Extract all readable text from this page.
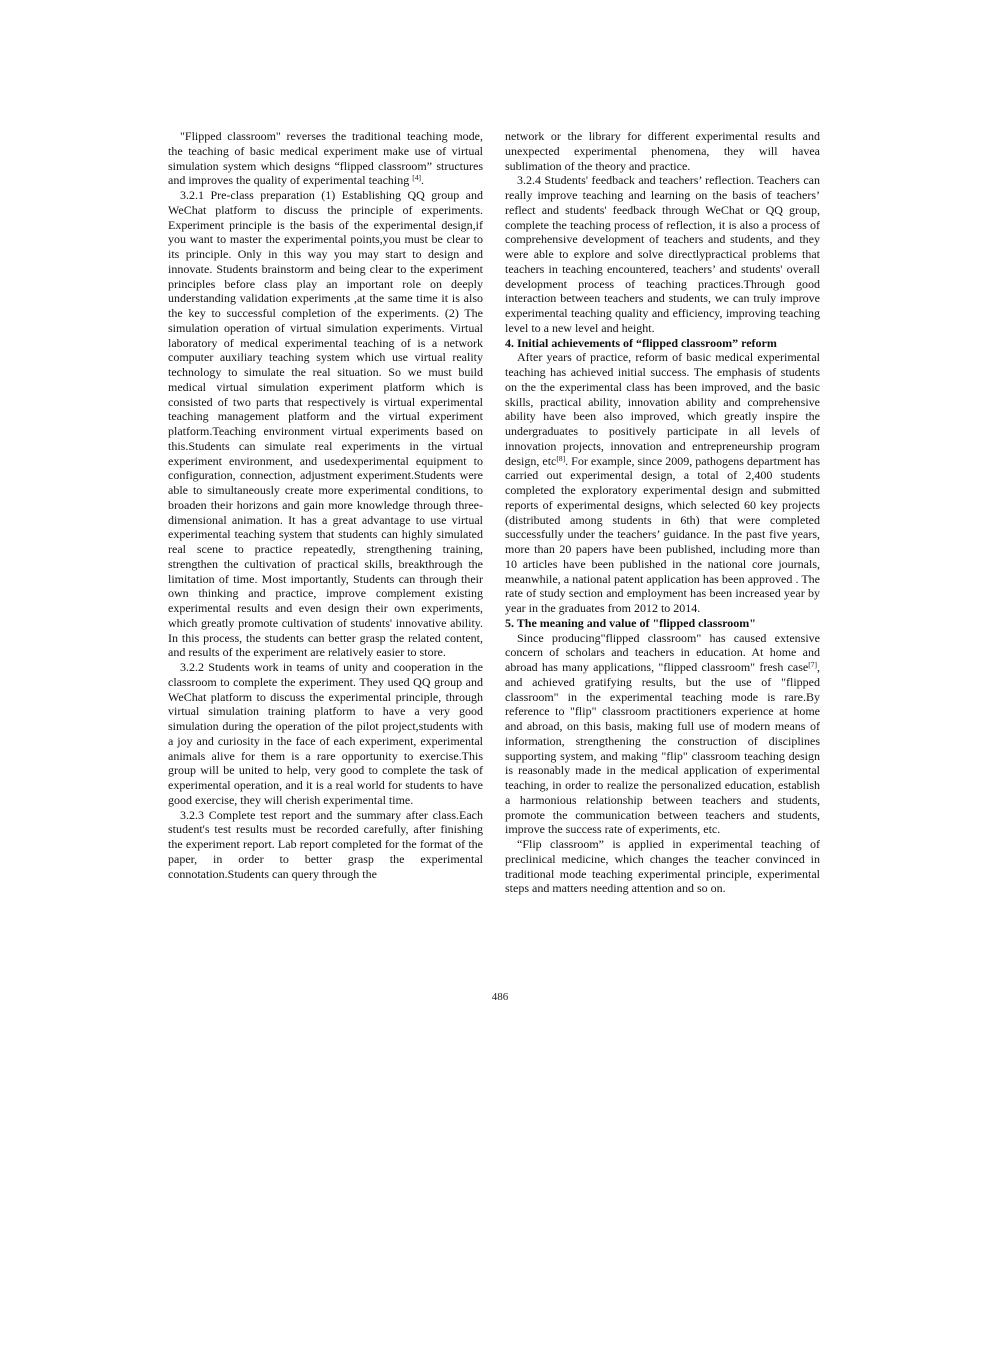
"Flipped classroom" reverses the traditional teaching mode, the teaching of basic medical experiment make use of virtual simulation system which designs “flipped classroom” structures and improves the quality of experimental teaching [4].

3.2.1 Pre-class preparation (1) Establishing QQ group and WeChat platform to discuss the principle of experiments. Experiment principle is the basis of the experimental design,if you want to master the experimental points,you must be clear to its principle. Only in this way you may start to design and innovate. Students brainstorm and being clear to the experiment principles before class play an important role on deeply understanding validation experiments ,at the same time it is also the key to successful completion of the experiments. (2) The simulation operation of virtual simulation experiments. Virtual laboratory of medical experimental teaching of is a network computer auxiliary teaching system which use virtual reality technology to simulate the real situation. So we must build medical virtual simulation experiment platform which is consisted of two parts that respectively is virtual experimental teaching management platform and the virtual experiment platform.Teaching environment virtual experiments based on this.Students can simulate real experiments in the virtual experiment environment, and usedexperimental equipment to configuration, connection, adjustment experiment.Students were able to simultaneously create more experimental conditions, to broaden their horizons and gain more knowledge through three-dimensional animation. It has a great advantage to use virtual experimental teaching system that students can highly simulated real scene to practice repeatedly, strengthening training, strengthen the cultivation of practical skills, breakthrough the limitation of time. Most importantly, Students can through their own thinking and practice, improve complement existing experimental results and even design their own experiments, which greatly promote cultivation of students' innovative ability. In this process, the students can better grasp the related content, and results of the experiment are relatively easier to store.

3.2.2 Students work in teams of unity and cooperation in the classroom to complete the experiment. They used QQ group and WeChat platform to discuss the experimental principle, through virtual simulation training platform to have a very good simulation during the operation of the pilot project,students with a joy and curiosity in the face of each experiment, experimental animals alive for them is a rare opportunity to exercise.This group will be united to help, very good to complete the task of experimental operation, and it is a real world for students to have good exercise, they will cherish experimental time.

3.2.3 Complete test report and the summary after class.Each student's test results must be recorded carefully, after finishing the experiment report. Lab report completed for the format of the paper, in order to better grasp the experimental connotation.Students can query through the

network or the library for different experimental results and unexpected experimental phenomena, they will havea sublimation of the theory and practice.

3.2.4 Students' feedback and teachers’ reflection. Teachers can really improve teaching and learning on the basis of teachers’ reflect and students' feedback through WeChat or QQ group, complete the teaching process of reflection, it is also a process of comprehensive development of teachers and students, and they were able to explore and solve directlypractical problems that teachers in teaching encountered, teachers’ and students' overall development process of teaching practices.Through good interaction between teachers and students, we can truly improve experimental teaching quality and efficiency, improving teaching level to a new level and height.

4. Initial achievements of “flipped classroom” reform

After years of practice, reform of basic medical experimental teaching has achieved initial success. The emphasis of students on the the experimental class has been improved, and the basic skills, practical ability, innovation ability and comprehensive ability have been also improved, which greatly inspire the undergraduates to positively participate in all levels of innovation projects, innovation and entrepreneurship program design, etc[8]. For example, since 2009, pathogens department has carried out experimental design, a total of 2,400 students completed the exploratory experimental design and submitted reports of experimental designs, which selected 60 key projects (distributed among students in 6th) that were completed successfully under the teachers’ guidance. In the past five years, more than 20 papers have been published, including more than 10 articles have been published in the national core journals, meanwhile, a national patent application has been approved . The rate of study section and employment has been increased year by year in the graduates from 2012 to 2014.

5. The meaning and value of "flipped classroom"

Since producing"flipped classroom" has caused extensive concern of scholars and teachers in education. At home and abroad has many applications, "flipped classroom" fresh case[7], and achieved gratifying results, but the use of "flipped classroom" in the experimental teaching mode is rare.By reference to "flip" classroom practitioners experience at home and abroad, on this basis, making full use of modern means of information, strengthening the construction of disciplines supporting system, and making "flip" classroom teaching design is reasonably made in the medical application of experimental teaching, in order to realize the personalized education, establish a harmonious relationship between teachers and students, promote the communication between teachers and students, improve the success rate of experiments, etc.

“Flip classroom” is applied in experimental teaching of preclinical medicine, which changes the teacher convinced in traditional mode teaching experimental principle, experimental steps and matters needing attention and so on.

486
